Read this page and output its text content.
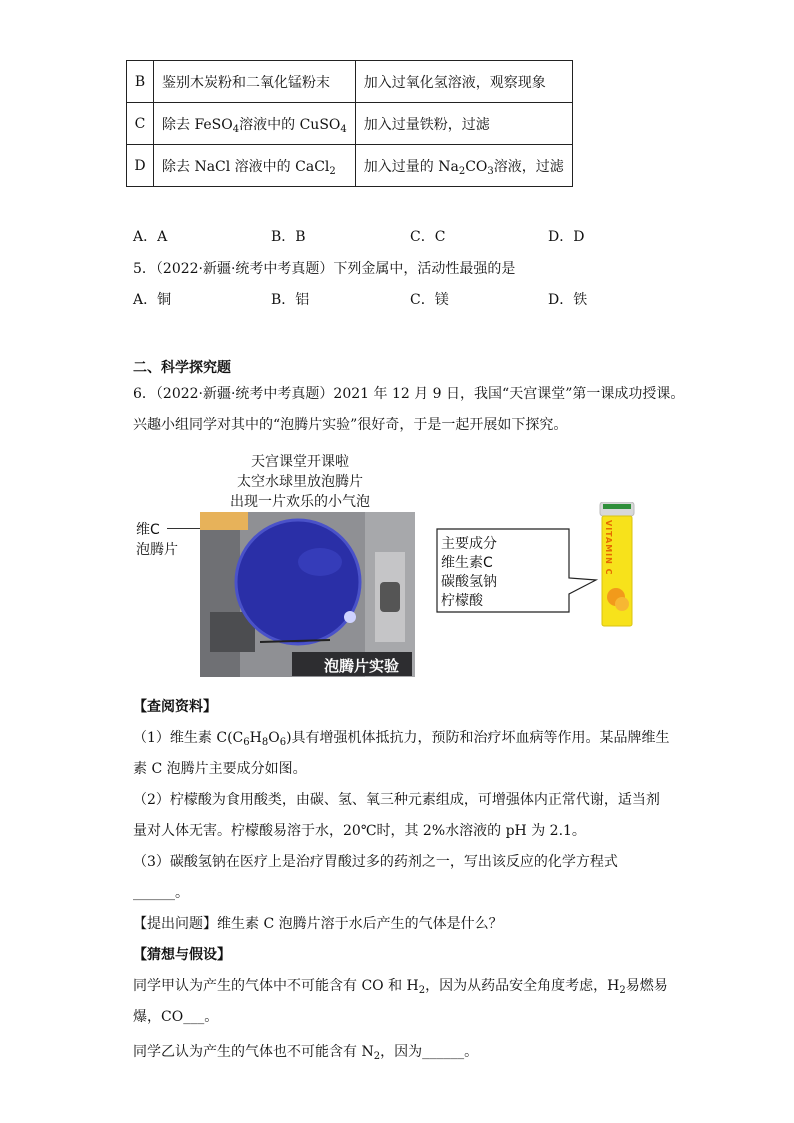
B	鉴别木炭粉和二氧化锰粉末	加入过氧化氢溶液，观察现象
C	除去 FeSO$_4$溶液中的 CuSO$_4$	加入过量铁粉，过滤
D	除去 NaCl 溶液中的 CaCl$_2$	加入过量的 $Na_2CO_3$溶液，过滤
A．A	B．B	C．C	D．D
5．（2022·新疆·统考中考真题）下列金属中，活动性最强的是
A．铜	B．铝	C．镁	D．铁
二、科学探究题
6．（2022·新疆·统考中考真题）2021 年 12 月 9 日，我国“天宫课堂”第一课成功授课。
兴趣小组同学对其中的“泡腾片实验”很好奇，于是一起开展如下探究。
天宫课堂开课啦
太空水球里放泡腾片
出现一片欢乐的小气泡
维C
泡腾片
泡腾片实验
主要成分
维生素C
碳酸氢钠
柠檬酸
VITAMIN C
【查阅资料】
（1）维生素 $C(C_6H_8O_6)$具有增强机体抵抗力，预防和治疗坏血病等作用。某品牌维生
素 C 泡腾片主要成分如图。
（2）柠檬酸为食用酸类，由碳、氢、氧三种元素组成，可增强体内正常代谢，适当剂
量对人体无害。柠檬酸易溶于水，20℃时，其 2%水溶液的 pH 为 2.1。
（3）碳酸氢钠在医疗上是治疗胃酸过多的药剂之一，写出该反应的化学方程式
______。
【提出问题】维生素 C 泡腾片溶于水后产生的气体是什么？
【猜想与假设】
同学甲认为产生的气体中不可能含有 CO 和 $H_2$，因为从药品安全角度考虑，$H_2$易燃易
爆，CO___。
同学乙认为产生的气体也不可能含有 $N_2$，因为______。
